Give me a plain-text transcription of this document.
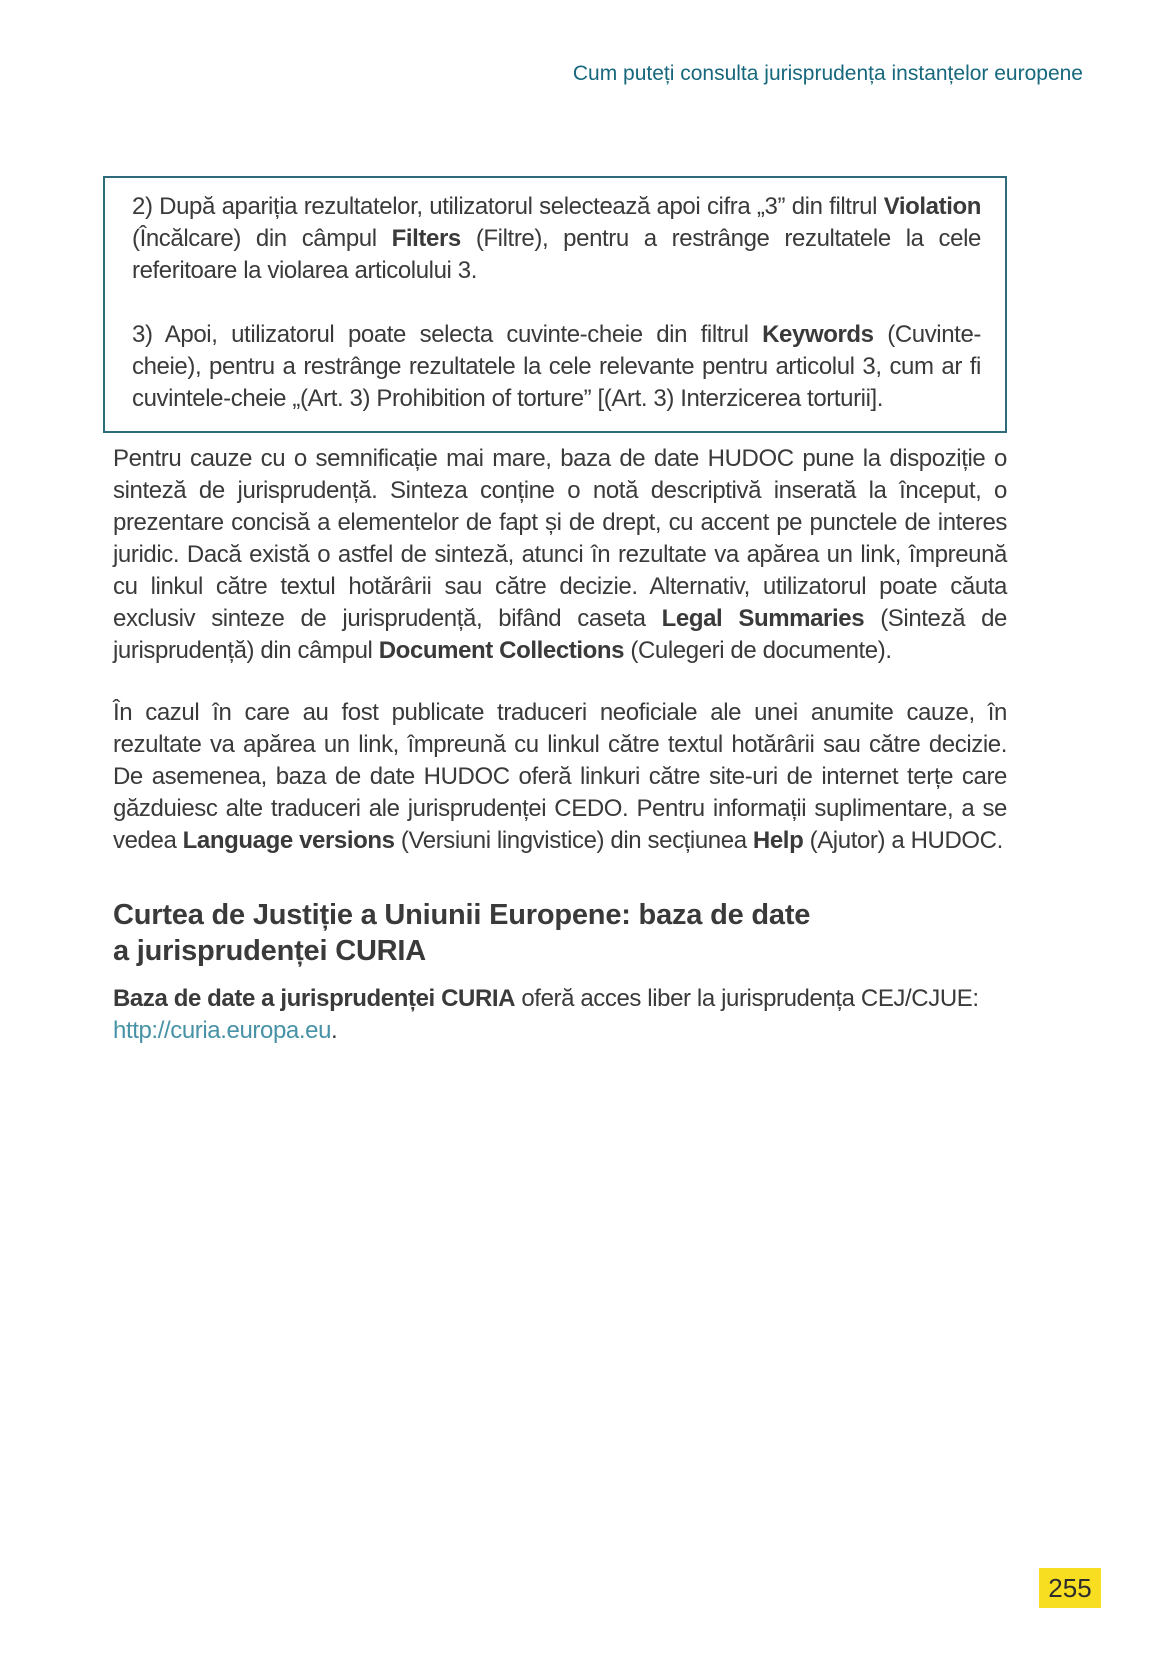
Cum puteți consulta jurisprudența instanțelor europene

2) După apariția rezultatelor, utilizatorul selectează apoi cifra „3” din filtrul Violation (Încălcare) din câmpul Filters (Filtre), pentru a restrânge rezultatele la cele referitoare la violarea articolului 3.

3) Apoi, utilizatorul poate selecta cuvinte-cheie din filtrul Keywords (Cuvinte-cheie), pentru a restrânge rezultatele la cele relevante pentru articolul 3, cum ar fi cuvintele-cheie „(Art. 3) Prohibition of torture” [(Art. 3) Interzicerea torturii].

Pentru cauze cu o semnificație mai mare, baza de date HUDOC pune la dispoziție o sinteză de jurisprudență. Sinteza conține o notă descriptivă inserată la început, o prezentare concisă a elementelor de fapt și de drept, cu accent pe punctele de interes juridic. Dacă există o astfel de sinteză, atunci în rezultate va apărea un link, împreună cu linkul către textul hotărârii sau către decizie. Alternativ, utilizatorul poate căuta exclusiv sinteze de jurisprudență, bifând caseta Legal Summaries (Sinteză de jurisprudență) din câmpul Document Collections (Culegeri de documente).

În cazul în care au fost publicate traduceri neoficiale ale unei anumite cauze, în rezultate va apărea un link, împreună cu linkul către textul hotărârii sau către decizie. De asemenea, baza de date HUDOC oferă linkuri către site-uri de internet terțe care găzduiesc alte traduceri ale jurisprudenței CEDO. Pentru informații suplimentare, a se vedea Language versions (Versiuni lingvistice) din secțiunea Help (Ajutor) a HUDOC.

Curtea de Justiție a Uniunii Europene: baza de date
a jurisprudenței CURIA

Baza de date a jurisprudenței CURIA oferă acces liber la jurisprudența CEJ/CJUE:
http://curia.europa.eu.

255
